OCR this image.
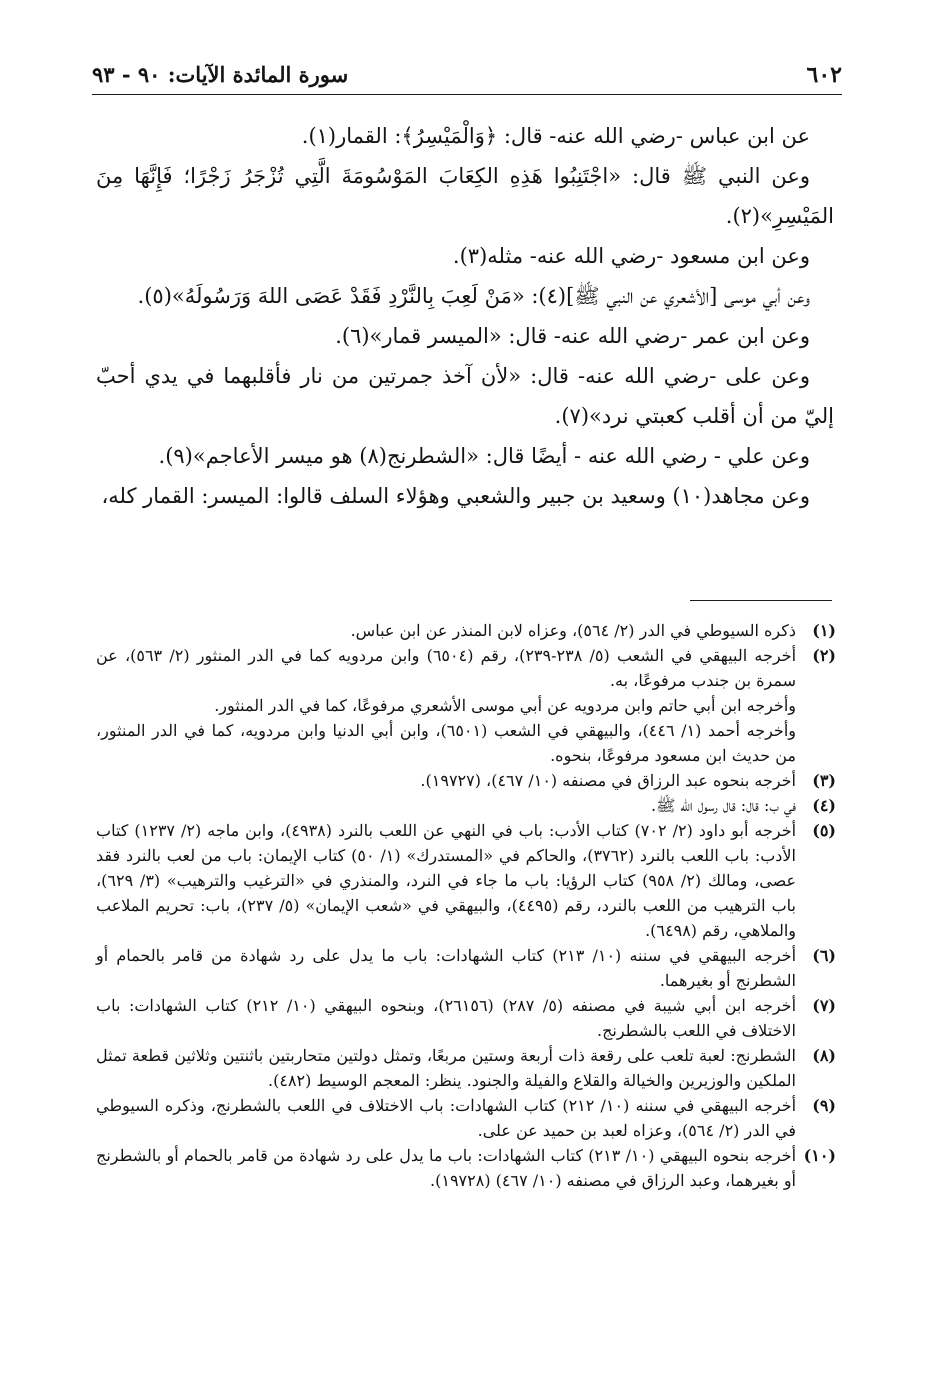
٦٠٢
سورة المائدة الآيات: ٩٠ - ٩٣

عن ابن عباس -رضي الله عنه- قال: ﴿وَالْمَيْسِرُ﴾: القمار(١).

وعن النبي ﷺ قال: «اجْتَنِبُوا هَذِهِ الكِعَابَ المَوْسُومَةَ الَّتِي تُزْجَرُ زَجْرًا؛ فَإِنَّهَا مِنَ المَيْسِرِ»(٢).

وعن ابن مسعود -رضي الله عنه- مثله(٣).

وعن أبي موسى [الأشعري عن النبي ﷺ](٤): «مَنْ لَعِبَ بِالنَّرْدِ فَقَدْ عَصَى اللهَ وَرَسُولَهُ»(٥).

وعن ابن عمر -رضي الله عنه- قال: «الميسر قمار»(٦).

وعن على -رضي الله عنه- قال: «لأن آخذ جمرتين من نار فأقلبهما في يدي أحبّ إليّ من أن أقلب كعبتي نرد»(٧).

وعن علي - رضي الله عنه - أيضًا قال: «الشطرنج(٨) هو ميسر الأعاجم»(٩).

وعن مجاهد(١٠) وسعيد بن جبير والشعبي وهؤلاء السلف قالوا: الميسر: القمار كله،

(١)
ذكره السيوطي في الدر (٢/ ٥٦٤)، وعزاه لابن المنذر عن ابن عباس.
(٢)
أخرجه البيهقي في الشعب (٥/ ٢٣٨-٢٣٩)، رقم (٦٥٠٤) وابن مردويه كما في الدر المنثور (٢/ ٥٦٣)، عن سمرة بن جندب مرفوعًا، به.

وأخرجه ابن أبي حاتم وابن مردويه عن أبي موسى الأشعري مرفوعًا، كما في الدر المنثور.

وأخرجه أحمد (١/ ٤٤٦)، والبيهقي في الشعب (٦٥٠١)، وابن أبي الدنيا وابن مردويه، كما في الدر المنثور، من حديث ابن مسعود مرفوعًا، بنحوه.

(٣)
أخرجه بنحوه عبد الرزاق في مصنفه (١٠/ ٤٦٧)، (١٩٧٢٧).
(٤)
في ب: قال: قال رسول الله ﷺ.
(٥)
أخرجه أبو داود (٢/ ٧٠٢) كتاب الأدب: باب في النهي عن اللعب بالنرد (٤٩٣٨)، وابن ماجه (٢/ ١٢٣٧) كتاب الأدب: باب اللعب بالنرد (٣٧٦٢)، والحاكم في «المستدرك» (١/ ٥٠) كتاب الإيمان: باب من لعب بالنرد فقد عصى، ومالك (٢/ ٩٥٨) كتاب الرؤيا: باب ما جاء في النرد، والمنذري في «الترغيب والترهيب» (٣/ ٦٢٩)، باب الترهيب من اللعب بالنرد، رقم (٤٤٩٥)، والبيهقي في «شعب الإيمان» (٥/ ٢٣٧)، باب: تحريم الملاعب والملاهي، رقم (٦٤٩٨).
(٦)
أخرجه البيهقي في سننه (١٠/ ٢١٣) كتاب الشهادات: باب ما يدل على رد شهادة من قامر بالحمام أو الشطرنج أو بغيرهما.
(٧)
أخرجه ابن أبي شيبة في مصنفه (٥/ ٢٨٧) (٢٦١٥٦)، وبنحوه البيهقي (١٠/ ٢١٢) كتاب الشهادات: باب الاختلاف في اللعب بالشطرنج.
(٨)
الشطرنج: لعبة تلعب على رقعة ذات أربعة وستين مربعًا، وتمثل دولتين متحاربتين باثنتين وثلاثين قطعة تمثل الملكين والوزيرين والخيالة والقلاع والفيلة والجنود. ينظر: المعجم الوسيط (٤٨٢).
(٩)
أخرجه البيهقي في سننه (١٠/ ٢١٢) كتاب الشهادات: باب الاختلاف في اللعب بالشطرنج، وذكره السيوطي في الدر (٢/ ٥٦٤)، وعزاه لعبد بن حميد عن على.
(١٠)
أخرجه بنحوه البيهقي (١٠/ ٢١٣) كتاب الشهادات: باب ما يدل على رد شهادة من قامر بالحمام أو بالشطرنج أو بغيرهما، وعبد الرزاق في مصنفه (١٠/ ٤٦٧) (١٩٧٢٨).
